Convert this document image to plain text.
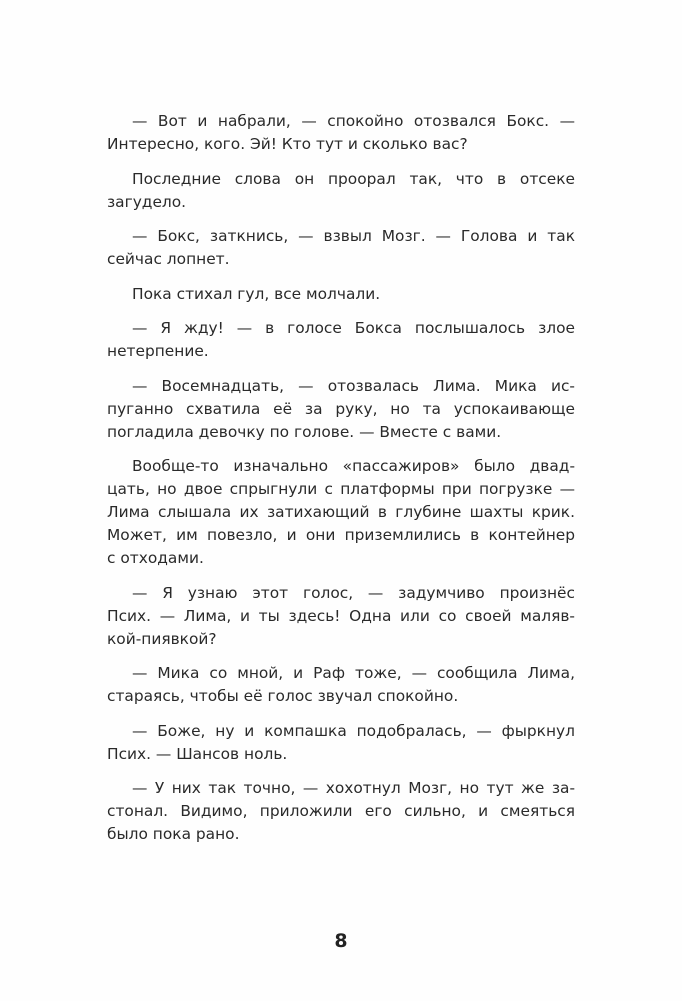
— Вот и набрали, — спокойно отозвался Бокс. —
Интересно, кого. Эй! Кто тут и сколько вас?
Последние слова он проорал так, что в отсеке
загудело.
— Бокс, заткнись, — взвыл Мозг. — Голова и так
сейчас лопнет.
Пока стихал гул, все молчали.
— Я жду! — в голосе Бокса послышалось злое
нетерпение.
— Восемнадцать, — отозвалась Лима. Мика ис-
пуганно схватила её за руку, но та успокаивающе
погладила девочку по голове. — Вместе с вами.
Вообще-то изначально «пассажиров» было двад-
цать, но двое спрыгнули с платформы при погрузке —
Лима слышала их затихающий в глубине шахты крик.
Может, им повезло, и они приземлились в контейнер
с отходами.
— Я узнаю этот голос, — задумчиво произнёс
Псих. — Лима, и ты здесь! Одна или со своей маляв-
кой-пиявкой?
— Мика со мной, и Раф тоже, — сообщила Лима,
стараясь, чтобы её голос звучал спокойно.
— Боже, ну и компашка подобралась, — фыркнул
Псих. — Шансов ноль.
— У них так точно, — хохотнул Мозг, но тут же за-
стонал. Видимо, приложили его сильно, и смеяться
было пока рано.
8
